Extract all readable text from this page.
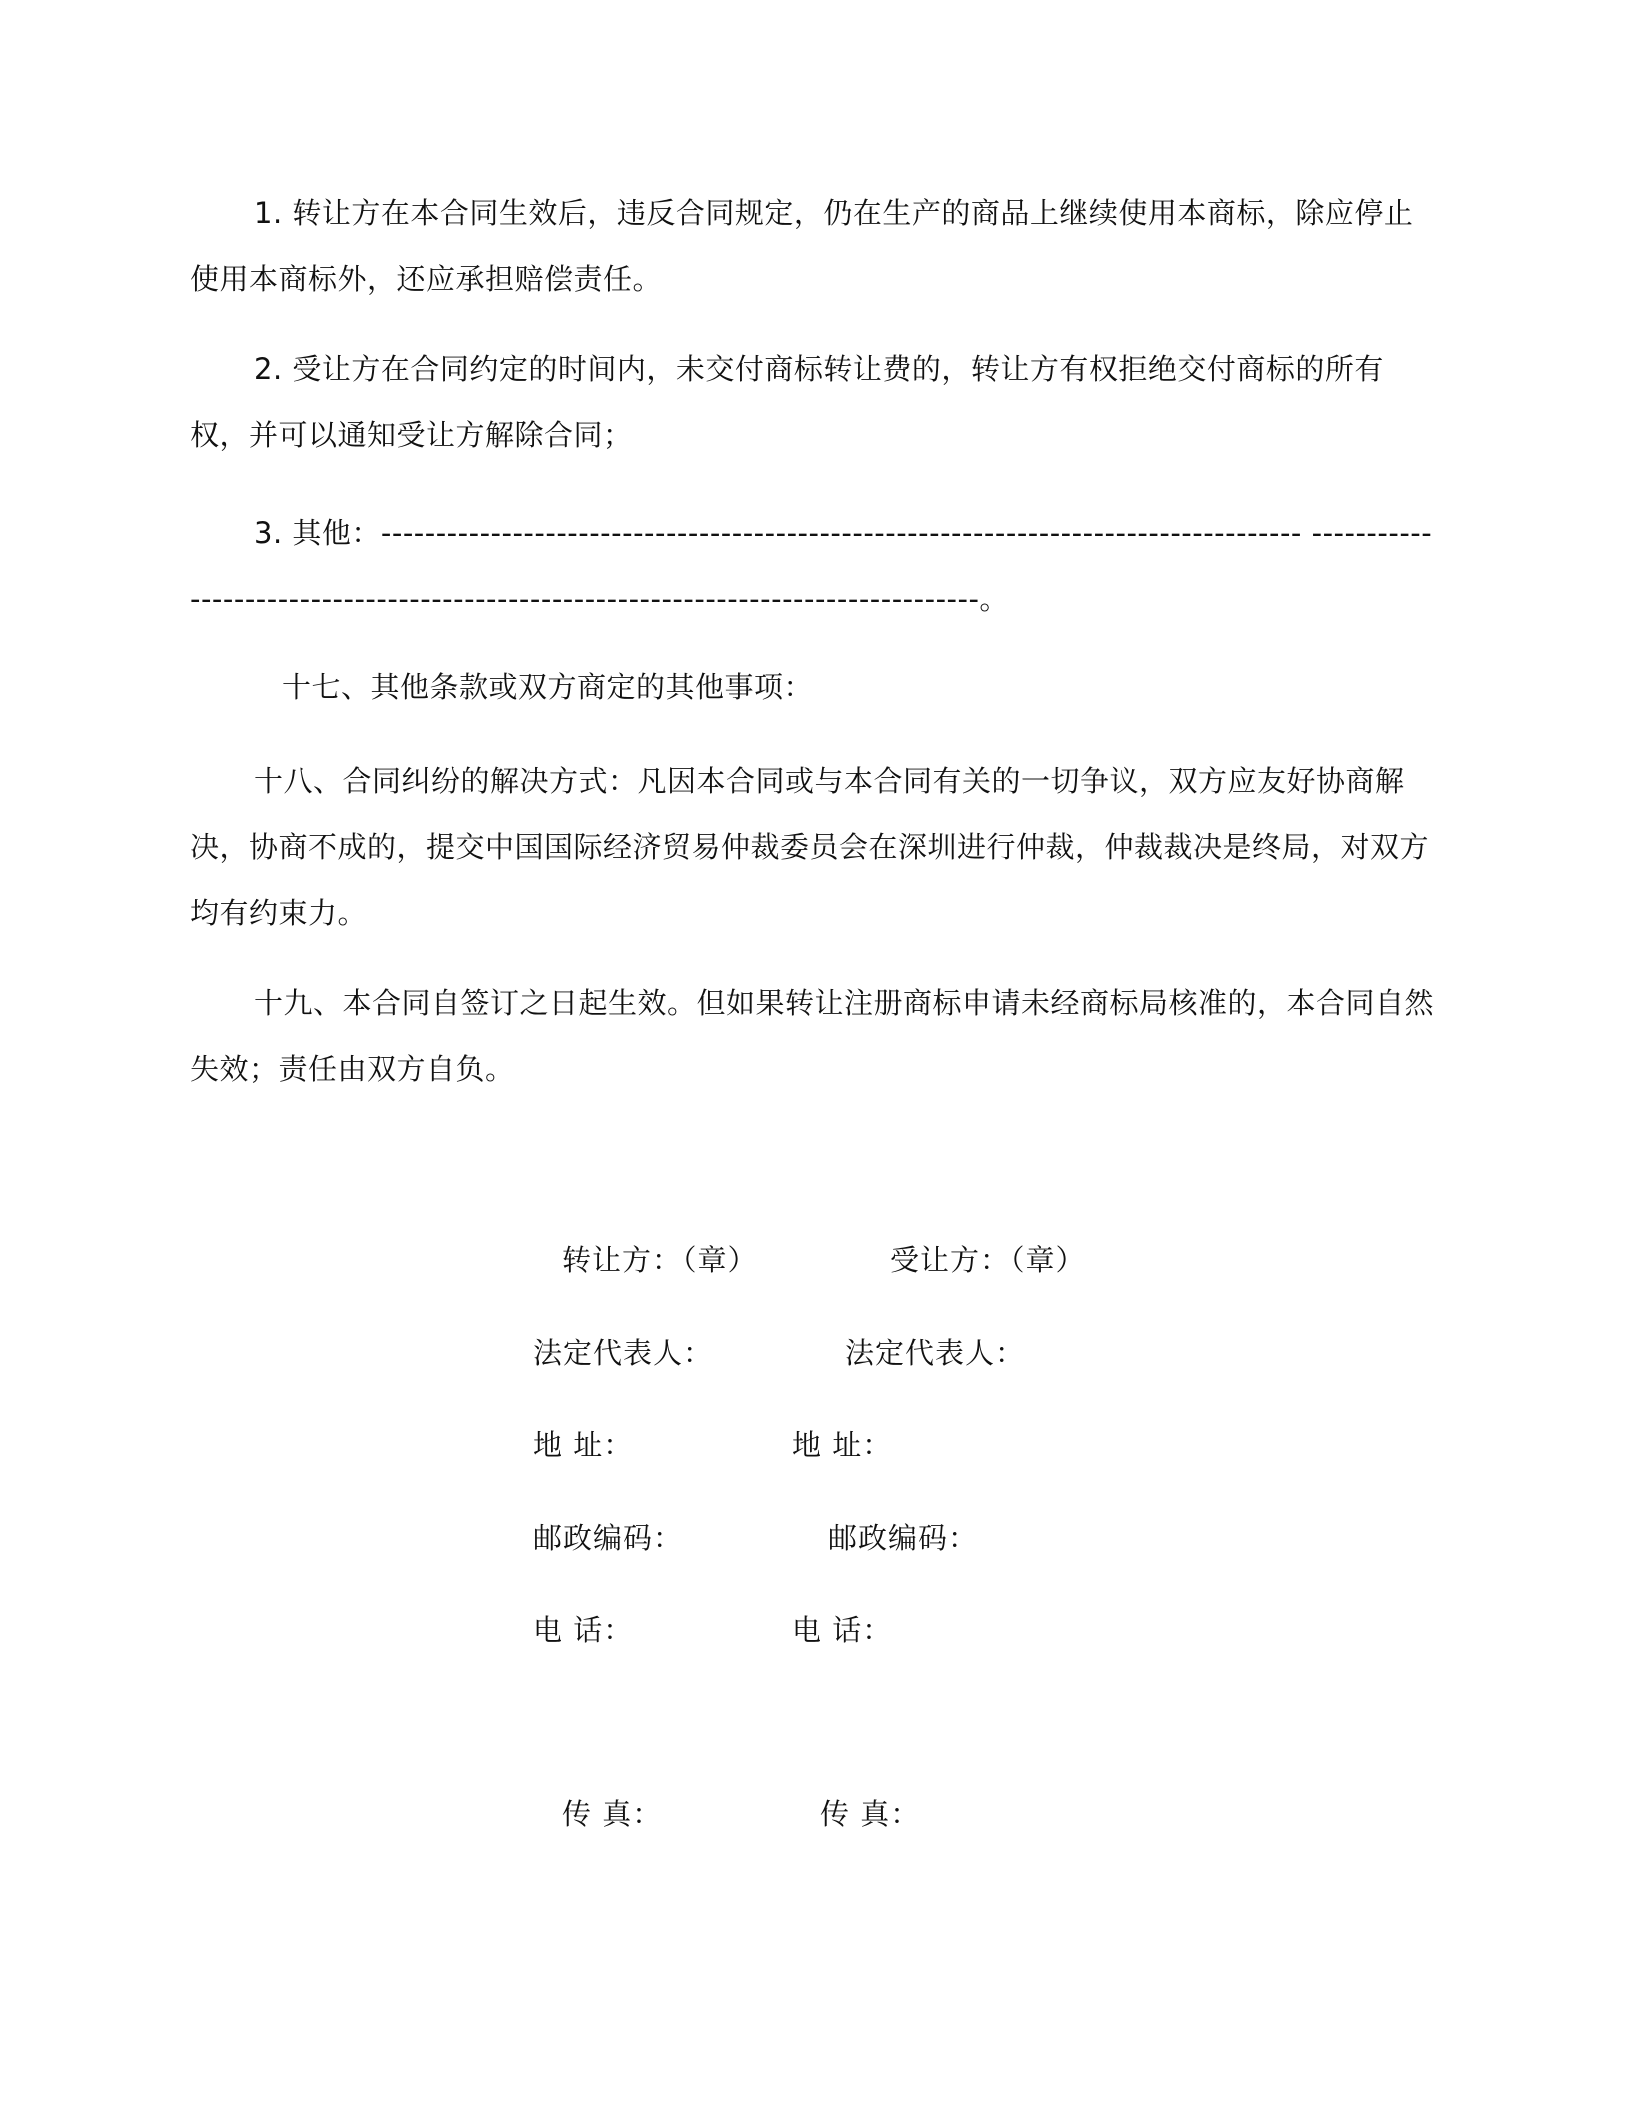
1. 转让方在本合同生效后，违反合同规定，仍在生产的商品上继续使用本商标，除应停止使用本商标外，还应承担赔偿责任。

2. 受让方在合同约定的时间内，未交付商标转让费的，转让方有权拒绝交付商标的所有权，并可以通知受让方解除合同；

3. 其他：------------------------------------------------------------------------------------ -----------

------------------------------------------------------------------------。

十七、其他条款或双方商定的其他事项：

十八、合同纠纷的解决方式：凡因本合同或与本合同有关的一切争议，双方应友好协商解决，协商不成的，提交中国国际经济贸易仲裁委员会在深圳进行仲裁，仲裁裁决是终局，对双方均有约束力。

十九、本合同自签订之日起生效。但如果转让注册商标申请未经商标局核准的，本合同自然失效；责任由双方自负。

转让方：（章）	受让方：（章）
法定代表人：	法定代表人：
地 址：	地 址：
邮政编码：	邮政编码：
电 话：	电 话：
传 真：	传 真：
